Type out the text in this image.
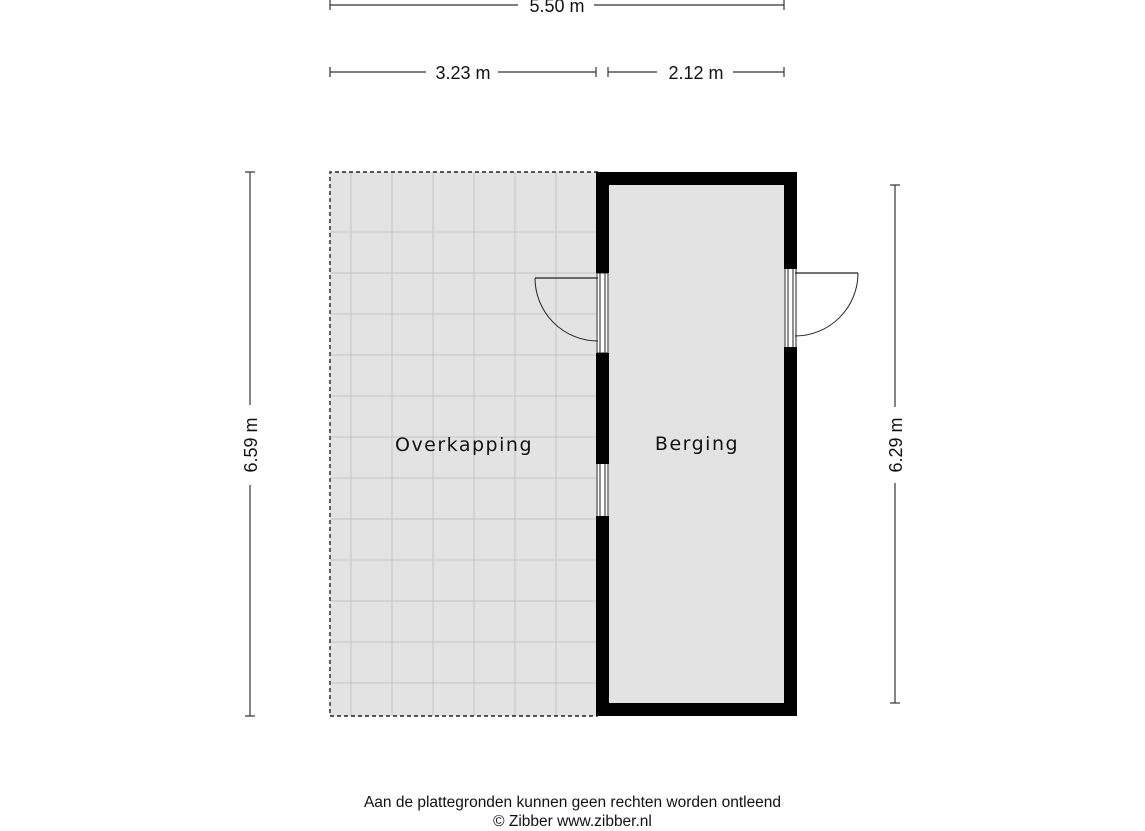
5.50 m
3.23 m	2.12 m
6.59 m	6.29 m
Overkapping	Berging
Aan de plattegronden kunnen geen rechten worden ontleend
© Zibber www.zibber.nl
